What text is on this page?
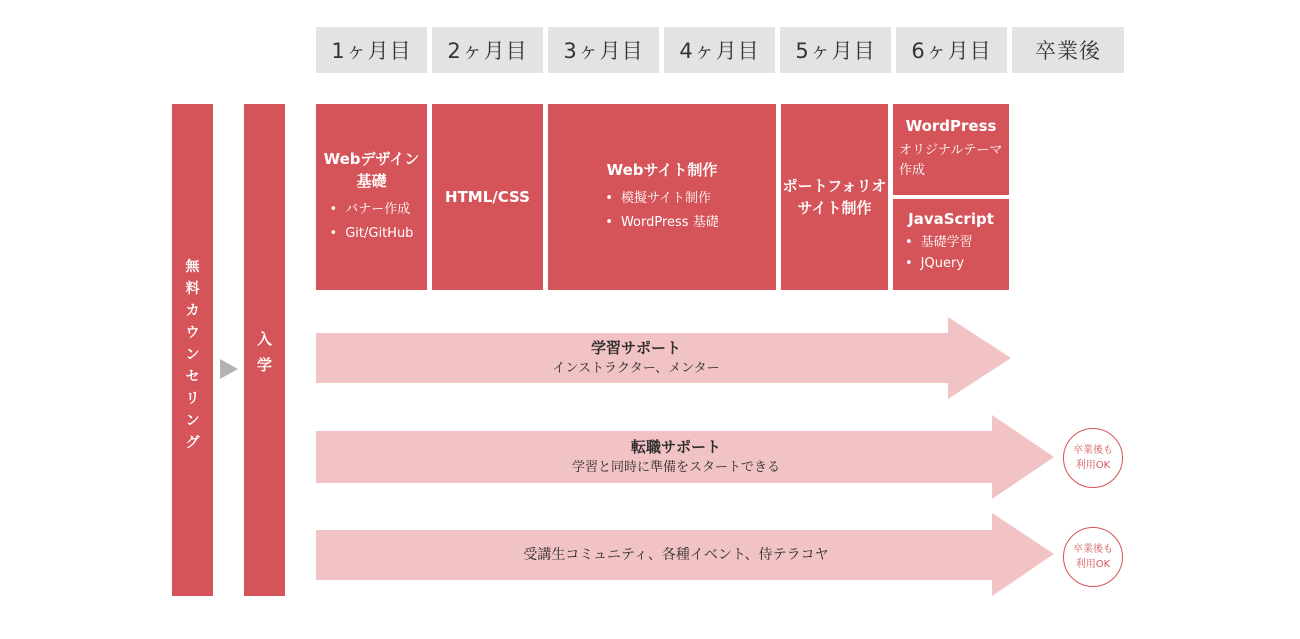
1ヶ月目	2ヶ月目	3ヶ月目	4ヶ月目	5ヶ月目	6ヶ月目	卒業後
無
料
カ
ウ
ン
セ
リ
ン
グ
入
学
Webデザイン
基礎
• バナー作成
• Git/GitHub
HTML/CSS
Webサイト制作
• 模擬サイト制作
• WordPress 基礎
ポートフォリオ
サイト制作
WordPress
オリジナルテーマ
作成
JavaScript
• 基礎学習
• JQuery
学習サポート
インストラクター、メンター
転職サポート
学習と同時に準備をスタートできる
受講生コミュニティ、各種イベント、侍テラコヤ
卒業後も
利用OK
卒業後も
利用OK
